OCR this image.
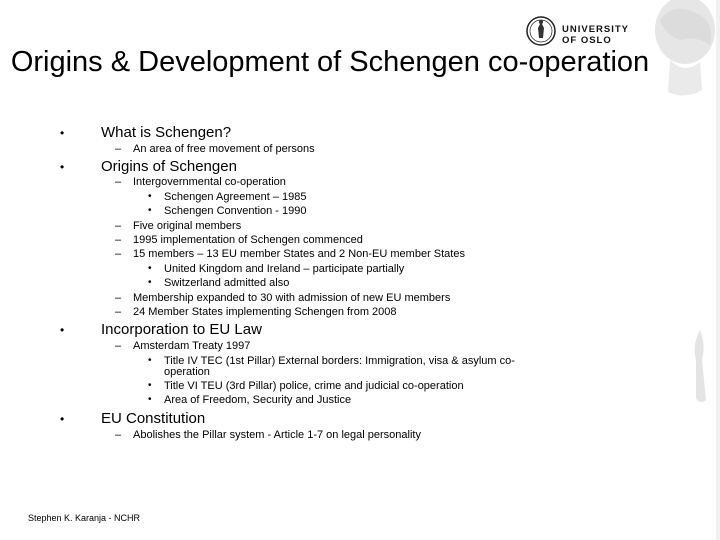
UNIVERSITY
OF OSLO
Origins & Development of Schengen co-operation
• What is Schengen?
– An area of free movement of persons
• Origins of Schengen
– Intergovernmental co-operation
• Schengen Agreement – 1985
• Schengen Convention - 1990
– Five original members
– 1995 implementation of Schengen commenced
– 15 members – 13 EU member States and 2 Non-EU member States
• United Kingdom and Ireland – participate partially
• Switzerland admitted also
– Membership expanded to 30 with admission of new EU members
– 24 Member States implementing Schengen from 2008
• Incorporation to EU Law
– Amsterdam Treaty 1997
• Title IV TEC (1st Pillar) External borders: Immigration, visa & asylum co-
operation
• Title VI TEU (3rd Pillar) police, crime and judicial co-operation
• Area of Freedom, Security and Justice
• EU Constitution
– Abolishes the Pillar system - Article 1-7 on legal personality
Stephen K. Karanja - NCHR
